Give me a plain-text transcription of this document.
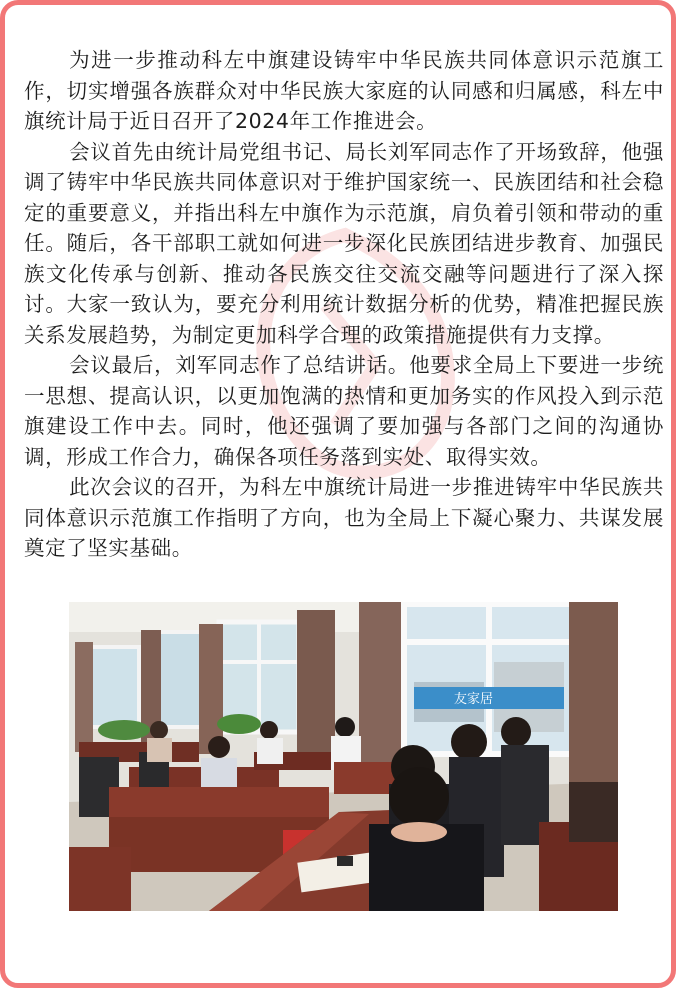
为进一步推动科左中旗建设铸牢中华民族共同体意识示范旗工作，切实增强各族群众对中华民族大家庭的认同感和归属感，科左中旗统计局于近日召开了2024年工作推进会。

会议首先由统计局党组书记、局长刘军同志作了开场致辞，他强调了铸牢中华民族共同体意识对于维护国家统一、民族团结和社会稳定的重要意义，并指出科左中旗作为示范旗，肩负着引领和带动的重任。随后，各干部职工就如何进一步深化民族团结进步教育、加强民族文化传承与创新、推动各民族交往交流交融等问题进行了深入探讨。大家一致认为，要充分利用统计数据分析的优势，精准把握民族关系发展趋势，为制定更加科学合理的政策措施提供有力支撑。

会议最后，刘军同志作了总结讲话。他要求全局上下要进一步统一思想、提高认识，以更加饱满的热情和更加务实的作风投入到示范旗建设工作中去。同时，他还强调了要加强与各部门之间的沟通协调，形成工作合力，确保各项任务落到实处、取得实效。

此次会议的召开，为科左中旗统计局进一步推进铸牢中华民族共同体意识示范旗工作指明了方向，也为全局上下凝心聚力、共谋发展奠定了坚实基础。

友家居
